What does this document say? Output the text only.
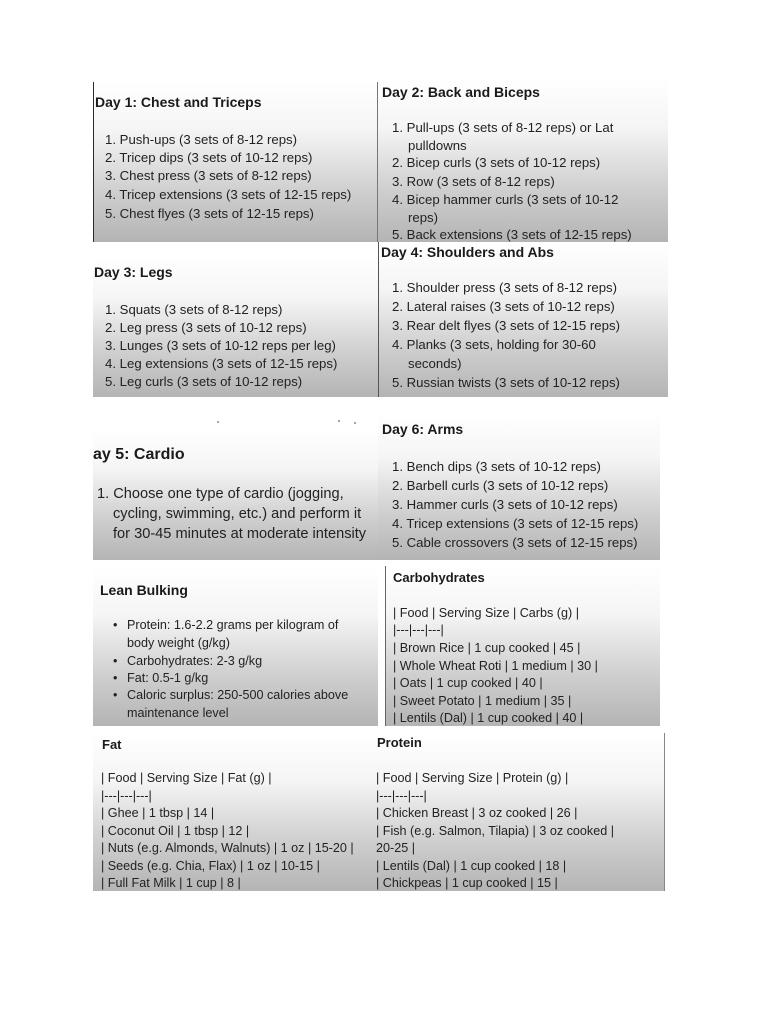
Day 1: Chest and Triceps
1. Push-ups (3 sets of 8-12 reps)
2. Tricep dips (3 sets of 10-12 reps)
3. Chest press (3 sets of 8-12 reps)
4. Tricep extensions (3 sets of 12-15 reps)
5. Chest flyes (3 sets of 12-15 reps)
Day 2: Back and Biceps
1. Pull-ups (3 sets of 8-12 reps) or Lat
pulldowns
2. Bicep curls (3 sets of 10-12 reps)
3. Row (3 sets of 8-12 reps)
4. Bicep hammer curls (3 sets of 10-12
reps)
5. Back extensions (3 sets of 12-15 reps)
Day 3: Legs
1. Squats (3 sets of 8-12 reps)
2. Leg press (3 sets of 10-12 reps)
3. Lunges (3 sets of 10-12 reps per leg)
4. Leg extensions (3 sets of 12-15 reps)
5. Leg curls (3 sets of 10-12 reps)
Day 4: Shoulders and Abs
1. Shoulder press (3 sets of 8-12 reps)
2. Lateral raises (3 sets of 10-12 reps)
3. Rear delt flyes (3 sets of 12-15 reps)
4. Planks (3 sets, holding for 30-60
seconds)
5. Russian twists (3 sets of 10-12 reps)
ay 5: Cardio
1. Choose one type of cardio (jogging,
cycling, swimming, etc.) and perform it
for 30-45 minutes at moderate intensity
Day 6: Arms
1. Bench dips (3 sets of 10-12 reps)
2. Barbell curls (3 sets of 10-12 reps)
3. Hammer curls (3 sets of 10-12 reps)
4. Tricep extensions (3 sets of 12-15 reps)
5. Cable crossovers (3 sets of 12-15 reps)
Lean Bulking
• Protein: 1.6-2.2 grams per kilogram of
body weight (g/kg)
• Carbohydrates: 2-3 g/kg
• Fat: 0.5-1 g/kg
• Caloric surplus: 250-500 calories above
maintenance level
Carbohydrates
| Food | Serving Size | Carbs (g) |
|---|---|---|
| Brown Rice | 1 cup cooked | 45 |
| Whole Wheat Roti | 1 medium | 30 |
| Oats | 1 cup cooked | 40 |
| Sweet Potato | 1 medium | 35 |
| Lentils (Dal) | 1 cup cooked | 40 |
Fat
| Food | Serving Size | Fat (g) |
|---|---|---|
| Ghee | 1 tbsp | 14 |
| Coconut Oil | 1 tbsp | 12 |
| Nuts (e.g. Almonds, Walnuts) | 1 oz | 15-20 |
| Seeds (e.g. Chia, Flax) | 1 oz | 10-15 |
| Full Fat Milk | 1 cup | 8 |
Protein
| Food | Serving Size | Protein (g) |
|---|---|---|
| Chicken Breast | 3 oz cooked | 26 |
| Fish (e.g. Salmon, Tilapia) | 3 oz cooked |
20-25 |
| Lentils (Dal) | 1 cup cooked | 18 |
| Chickpeas | 1 cup cooked | 15 |
